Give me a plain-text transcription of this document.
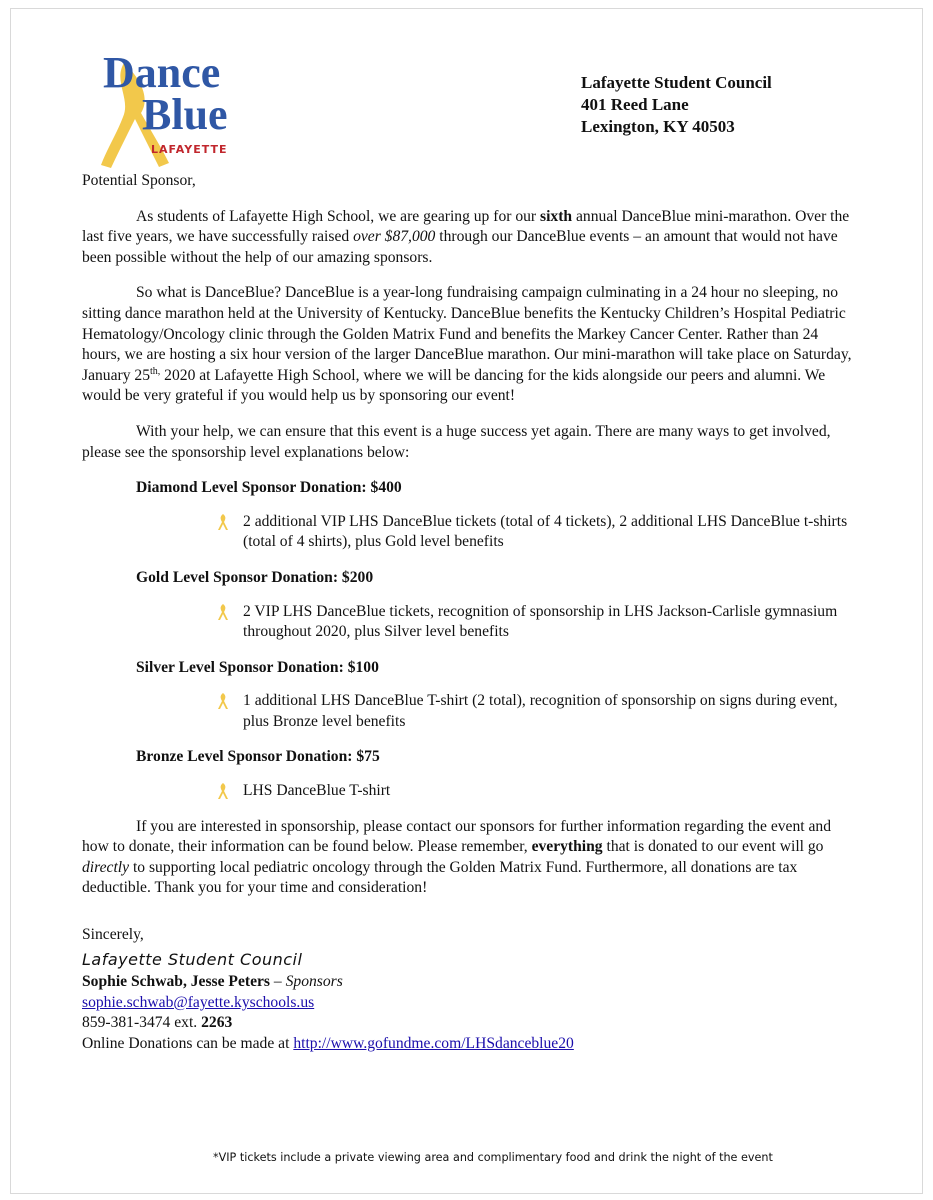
Dance
Blue
LAFAYETTE
Lafayette Student Council
401 Reed Lane
Lexington, KY 40503

Potential Sponsor,

As students of Lafayette High School, we are gearing up for our sixth annual DanceBlue mini-marathon. Over the last five years, we have successfully raised over $87,000 through our DanceBlue events – an amount that would not have been possible without the help of our amazing sponsors.

So what is DanceBlue? DanceBlue is a year-long fundraising campaign culminating in a 24 hour no sleeping, no sitting dance marathon held at the University of Kentucky. DanceBlue benefits the Kentucky Children’s Hospital Pediatric Hematology/Oncology clinic through the Golden Matrix Fund and benefits the Markey Cancer Center. Rather than 24 hours, we are hosting a six hour version of the larger DanceBlue marathon. Our mini-marathon will take place on Saturday, January $25^{th,}$ 2020 at Lafayette High School, where we will be dancing for the kids alongside our peers and alumni. We would be very grateful if you would help us by sponsoring our event!

With your help, we can ensure that this event is a huge success yet again. There are many ways to get involved, please see the sponsorship level explanations below:

Diamond Level Sponsor Donation: $400

2 additional VIP LHS DanceBlue tickets (total of 4 tickets), 2 additional LHS DanceBlue t-shirts (total of 4 shirts), plus Gold level benefits

Gold Level Sponsor Donation: $200

2 VIP LHS DanceBlue tickets, recognition of sponsorship in LHS Jackson-Carlisle gymnasium throughout 2020, plus Silver level benefits

Silver Level Sponsor Donation: $100

1 additional LHS DanceBlue T-shirt (2 total), recognition of sponsorship on signs during event, plus Bronze level benefits

Bronze Level Sponsor Donation: $75

LHS DanceBlue T-shirt

If you are interested in sponsorship, please contact our sponsors for further information regarding the event and how to donate, their information can be found below. Please remember, everything that is donated to our event will go directly to supporting local pediatric oncology through the Golden Matrix Fund. Furthermore, all donations are tax deductible. Thank you for your time and consideration!

Sincerely,
Lafayette Student Council
Sophie Schwab, Jesse Peters – Sponsors
sophie.schwab@fayette.kyschools.us
859-381-3474 ext. 2263
Online Donations can be made at http://www.gofundme.com/LHSdanceblue20
*VIP tickets include a private viewing area and complimentary food and drink the night of the event
